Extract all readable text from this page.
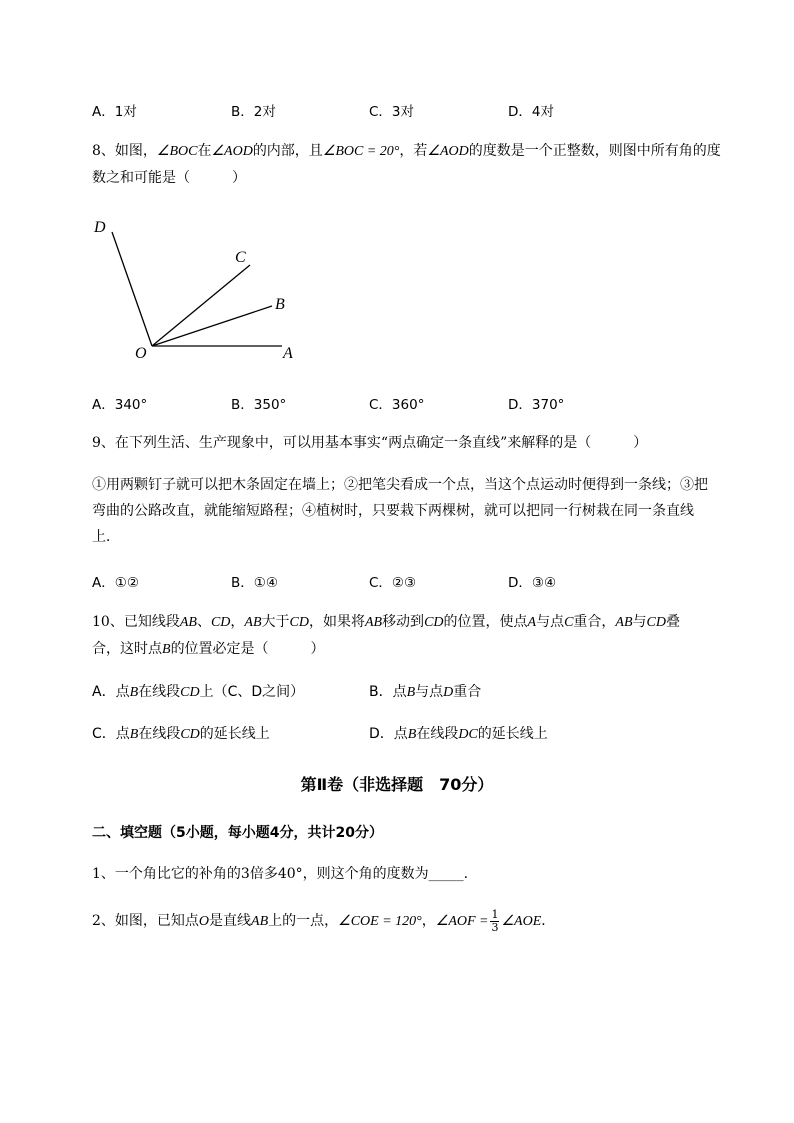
A．1对	B．2对	C．3对	D．4对
8、如图，∠BOC在∠AOD的内部，且∠BOC = 20°，若∠AOD的度数是一个正整数，则图中所有角的度
数之和可能是（　　　）
D
C
B
O	A
A．340°	B．350°	C．360°	D．370°
9、在下列生活、生产现象中，可以用基本事实“两点确定一条直线”来解释的是（　　　）
①用两颗钉子就可以把木条固定在墙上；②把笔尖看成一个点，当这个点运动时便得到一条线；③把
弯曲的公路改直，就能缩短路程；④植树时，只要栽下两棵树，就可以把同一行树栽在同一条直线
上．
A．①②	B．①④	C．②③	D．③④
10、已知线段AB、CD，AB大于CD，如果将AB移动到CD的位置，使点A与点C重合，AB与CD叠
合，这时点B的位置必定是（　　　）
A．点B在线段CD上（C、D之间）	B．点B与点D重合
C．点B在线段CD的延长线上	D．点B在线段DC的延长线上
第Ⅱ卷（非选择题　70分）
二、填空题（5小题，每小题4分，共计20分）
1、一个角比它的补角的3倍多40°，则这个角的度数为_____.
2、如图，已知点O是直线AB上的一点，∠COE = 120°，∠AOF = $\frac{1}{3}$ ∠AOE．
